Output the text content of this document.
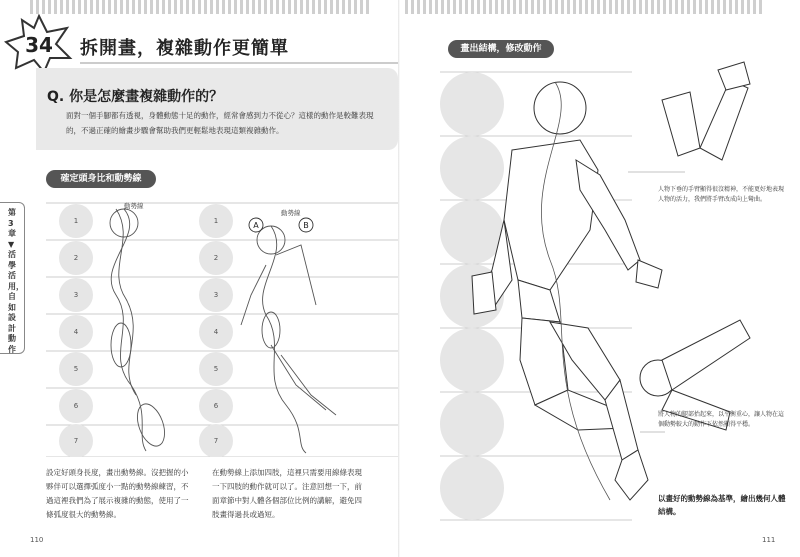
34 拆開畫，複雜動作更簡單
Q. 你是怎麼畫複雜動作的？
面對一個手腳都有透視，身體動態十足的動作，經常會感到力不從心？這樣的動作是較難表現的，不過正確的繪畫步驟會幫助我們更輕鬆地表現這類複雜動作。
確定頭身比和動勢線
第3章 ▼ 活學活用，自如設計動作
1
2
3
4
5
6
7
1
2
3
4
5
6
7
動勢線
動勢線
A	B
設定好頭身長度，畫出動勢線。沒把握的小夥伴可以選擇弧度小一點的動勢線練習，不過這裡我們為了展示複雜的動態，使用了一條弧度很大的動勢線。
在動勢線上添加四肢，這裡只需要用線條表現一下四肢的動作就可以了。注意回想一下，前面章節中對人體各個部位比例的講解，避免四肢畫得過長或過短。
110
畫出結構，修改動作
人物下垂的手臂顯得很沒精神，不能更好地表現人物的活力，我們將手臂改成向上彎曲。
將人物的腿部抬起來，以平衡重心，讓人物在這個動勢較大的動作下依然顯得平穩。
以畫好的動勢線為基準，繪出幾何人體結構。
111
